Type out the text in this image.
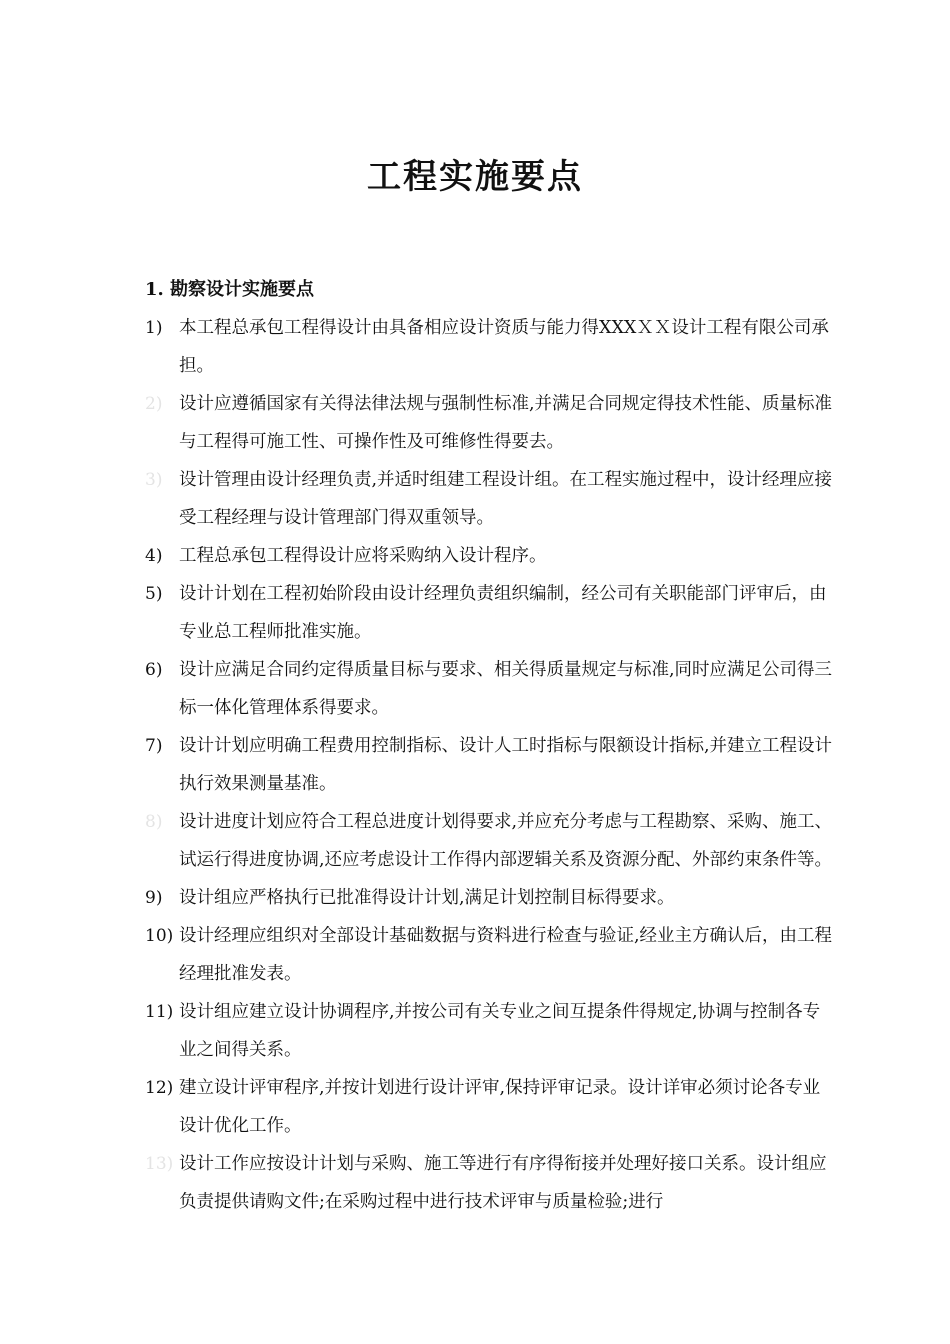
工程实施要点
1. 勘察设计实施要点
1) 本工程总承包工程得设计由具备相应设计资质与能力得XXXＸＸ设计工程有限公司承担。
2) 设计应遵循国家有关得法律法规与强制性标准,并满足合同规定得技术性能、质量标准与工程得可施工性、可操作性及可维修性得要去。
3) 设计管理由设计经理负责,并适时组建工程设计组。在工程实施过程中，设计经理应接受工程经理与设计管理部门得双重领导。
4) 工程总承包工程得设计应将采购纳入设计程序。
5) 设计计划在工程初始阶段由设计经理负责组织编制，经公司有关职能部门评审后，由专业总工程师批准实施。
6) 设计应满足合同约定得质量目标与要求、相关得质量规定与标准,同时应满足公司得三标一体化管理体系得要求。
7) 设计计划应明确工程费用控制指标、设计人工时指标与限额设计指标,并建立工程设计执行效果测量基准。
8) 设计进度计划应符合工程总进度计划得要求,并应充分考虑与工程勘察、采购、施工、试运行得进度协调,还应考虑设计工作得内部逻辑关系及资源分配、外部约束条件等。
9) 设计组应严格执行已批准得设计计划,满足计划控制目标得要求。
10) 设计经理应组织对全部设计基础数据与资料进行检查与验证,经业主方确认后，由工程经理批准发表。
11) 设计组应建立设计协调程序,并按公司有关专业之间互提条件得规定,协调与控制各专业之间得关系。
12) 建立设计评审程序,并按计划进行设计评审,保持评审记录。设计详审必须讨论各专业设计优化工作。
13) 设计工作应按设计计划与采购、施工等进行有序得衔接并处理好接口关系。设计组应负责提供请购文件;在采购过程中进行技术评审与质量检验;进行
